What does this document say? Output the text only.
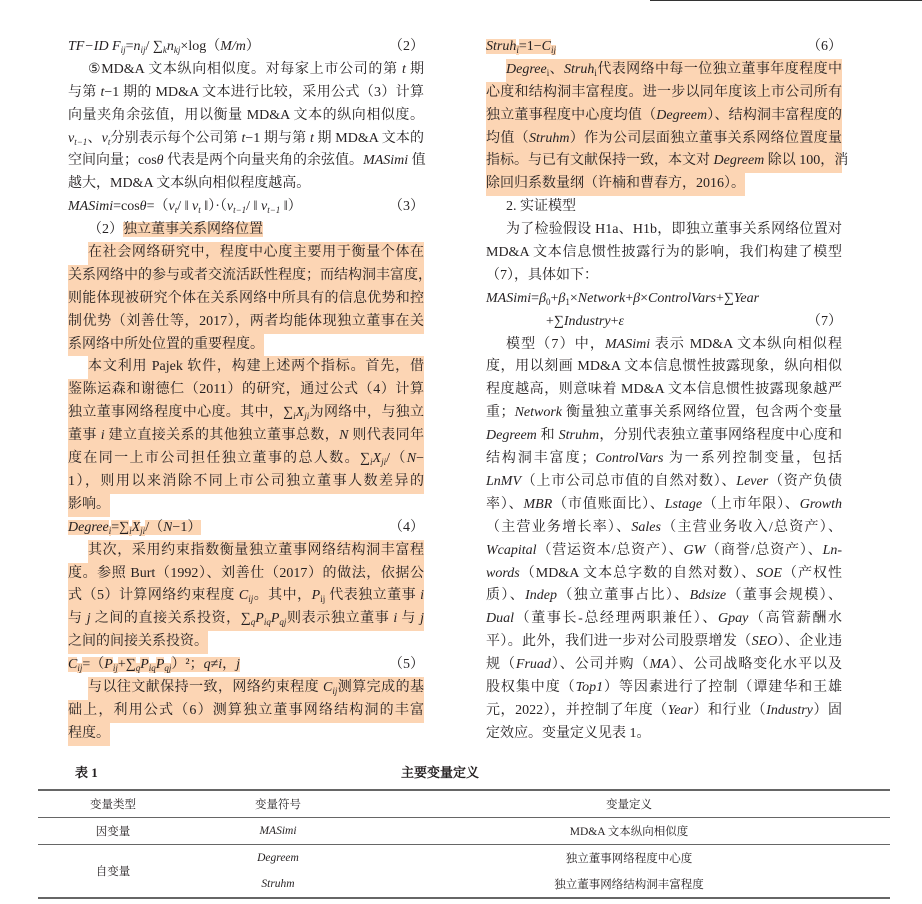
TF−ID $F_{ij}=n_{ij}/$ $\sum_kn_{kj}\times\log(M/m)$	（2）
⑤MD&A 文本纵向相似度。对每家上市公司的第 t 期
与第 t−1 期的 MD&A 文本进行比较，采用公式（3）计算
向量夹角余弦值，用以衡量 MD&A 文本的纵向相似度。
$v_{t-1}$、$v_t$分别表示每个公司第 t−1 期与第 t 期 MD&A 文本的
空间向量；cosθ 代表是两个向量夹角的余弦值。MASimi 值
越大，MD&A 文本纵向相似程度越高。
$MASimi=\cos\theta=(v_t/$ ‖ $v_t$ $‖)\cdot(v_{t-1}/$ ‖ $v_{t-1}$ ‖）	（3）
（2）独立董事关系网络位置
在社会网络研究中，程度中心度主要用于衡量个体在
关系网络中的参与或者交流活跃性程度；而结构洞丰富度，
则能体现被研究个体在关系网络中所具有的信息优势和控
制优势（刘善仕等，2017），两者均能体现独立董事在关
系网络中所处位置的重要程度。
本文利用 Pajek 软件，构建上述两个指标。首先，借
鉴陈运森和谢德仁（2011）的研究，通过公式（4）计算
独立董事网络程度中心度。其中，$\sum_iX_{ji}$为网络中，与独立
董事 i 建立直接关系的其他独立董事总数，N 则代表同年
度在同一上市公司担任独立董事的总人数。$\sum_iX_{ji}/(N-$
1），则用以来消除不同上市公司独立董事人数差异的
影响。
$Degree_i=\sum_iX_{ji}/(N-1)$	（4）
其次，采用约束指数衡量独立董事网络结构洞丰富程
度。参照 Burt（1992）、刘善仕（2017）的做法，依据公
式（5）计算网络约束程度 $C_{ij}$。其中，$P_{ij}$ 代表独立董事 i
与 j 之间的直接关系投资，$\sum_qP_{iq}P_{qj}$则表示独立董事 i 与 j
之间的间接关系投资。
$C_{ij}=(P_{ij}+\sum_qP_{iq}P_{qj})^2$；q≠i，j	（5）
与以往文献保持一致，网络约束程度 $C_{ij}$测算完成的基
础上，利用公式（6）测算独立董事网络结构洞的丰富
程度。
$Struh_i=1-C_{ij}$	（6）
Degree$_i$、Struh$_i$代表网络中每一位独立董事年度程度中
心度和结构洞丰富程度。进一步以同年度该上市公司所有
独立董事程度中心度均值（Degreem）、结构洞丰富程度的
均值（Struhm）作为公司层面独立董事关系网络位置度量
指标。与已有文献保持一致，本文对 Degreem 除以 100，消
除回归系数量纲（许楠和曹春方，2016）。
2. 实证模型
为了检验假设 H1a、H1b，即独立董事关系网络位置对
MD&A 文本信息惯性披露行为的影响，我们构建了模型
（7），具体如下：
$MASimi=\beta_0+\beta_1\times Network+\beta\times ControlVars+\sum Year$
+∑Industry+ε	（7）
模型（7）中，MASimi 表示 MD&A 文本纵向相似程
度，用以刻画 MD&A 文本信息惯性披露现象，纵向相似
程度越高，则意味着 MD&A 文本信息惯性披露现象越严
重；Network 衡量独立董事关系网络位置，包含两个变量
Degreem 和 Struhm，分别代表独立董事网络程度中心度和
结构洞丰富度；ControlVars 为一系列控制变量，包括
LnMV（上市公司总市值的自然对数）、Lever（资产负债
率）、MBR（市值账面比）、Lstage（上市年限）、Growth
（主营业务增长率）、Sales（主营业务收入/总资产）、
Wcapital（营运资本/总资产）、GW（商誉/总资产）、Ln-
words（MD&A 文本总字数的自然对数）、SOE（产权性
质）、Indep（独立董事占比）、Bdsize（董事会规模）、
Dual（董事长-总经理两职兼任）、Gpay（高管薪酬水
平）。此外，我们进一步对公司股票增发（SEO）、企业违
规（Fruad）、公司并购（MA）、公司战略变化水平以及
股权集中度（Top1）等因素进行了控制（谭建华和王雄
元，2022），并控制了年度（Year）和行业（Industry）固
定效应。变量定义见表 1。
表 1	主要变量定义
变量类型	变量符号	变量定义
因变量	MASimi	MD&A 文本纵向相似度
自变量	Degreem	独立董事网络程度中心度
	Struhm	独立董事网络结构洞丰富程度
